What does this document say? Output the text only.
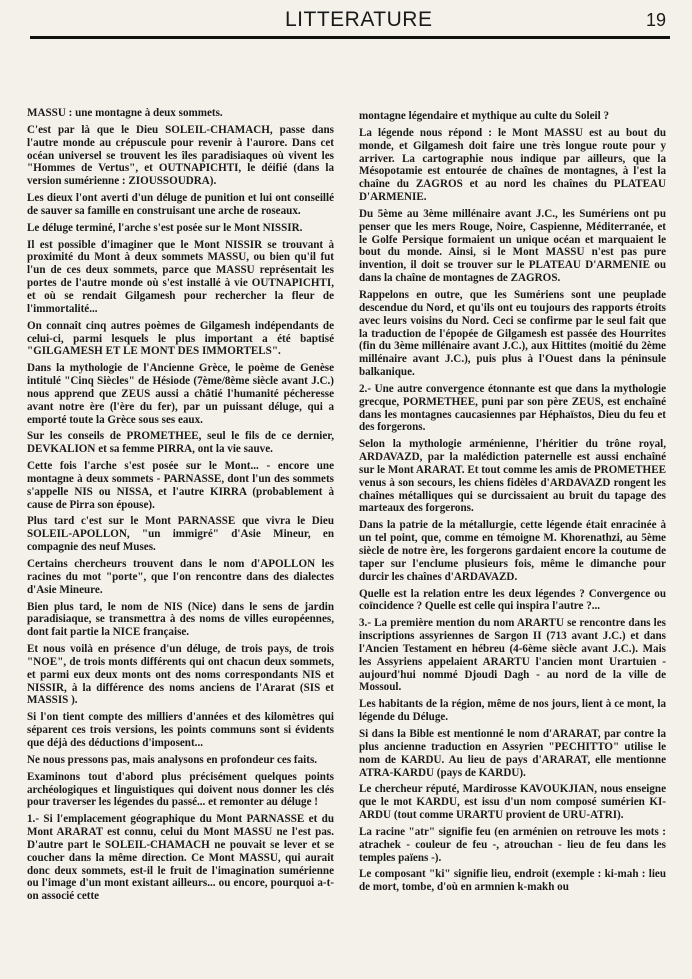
LITTERATURE	19

MASSU : une montagne à deux sommets.

C'est par là que le Dieu SOLEIL-CHAMACH, passe dans l'autre monde au crépuscule pour revenir à l'aurore. Dans cet océan universel se trouvent les îles paradisiaques où vivent les "Hommes de Vertus", et OUTNAPICHTI, le déifié (dans la version sumérienne : ZIOUSSOUDRA).

Les dieux l'ont averti d'un déluge de punition et lui ont conseillé de sauver sa famille en construisant une arche de roseaux.

Le déluge terminé, l'arche s'est posée sur le Mont NISSIR.

Il est possible d'imaginer que le Mont NISSIR se trouvant à proximité du Mont à deux sommets MASSU, ou bien qu'il fut l'un de ces deux sommets, parce que MASSU représentait les portes de l'autre monde où s'est installé à vie OUTNAPICHTI, et où se rendait Gilgamesh pour rechercher la fleur de l'immortalité...

On connaît cinq autres poèmes de Gilgamesh indépendants de celui-ci, parmi lesquels le plus important a été baptisé "GILGAMESH ET LE MONT DES IMMORTELS".

Dans la mythologie de l'Ancienne Grèce, le poème de Genèse intitulé "Cinq Siècles" de Hésiode (7ème/8ème siècle avant J.C.) nous apprend que ZEUS aussi a châtié l'humanité pécheresse avant notre ère (l'ère du fer), par un puissant déluge, qui a emporté toute la Grèce sous ses eaux.

Sur les conseils de PROMETHEE, seul le fils de ce dernier, DEVKALION et sa femme PIRRA, ont la vie sauve.

Cette fois l'arche s'est posée sur le Mont... - encore une montagne à deux sommets - PARNASSE, dont l'un des sommets s'appelle NIS ou NISSA, et l'autre KIRRA (probablement à cause de Pirra son épouse).

Plus tard c'est sur le Mont PARNASSE que vivra le Dieu SOLEIL-APOLLON, "un immigré" d'Asie Mineur, en compagnie des neuf Muses.

Certains chercheurs trouvent dans le nom d'APOLLON les racines du mot "porte", que l'on rencontre dans des dialectes d'Asie Mineure.

Bien plus tard, le nom de NIS (Nice) dans le sens de jardin paradisiaque, se transmettra à des noms de villes européennes, dont fait partie la NICE française.

Et nous voilà en présence d'un déluge, de trois pays, de trois "NOE", de trois monts différents qui ont chacun deux sommets, et parmi eux deux monts ont des noms correspondants NIS et NISSIR, à la différence des noms anciens de l'Ararat (SIS et MASSIS ).

Si l'on tient compte des milliers d'années et des kilomètres qui séparent ces trois versions, les points communs sont si évidents que déjà des déductions d'imposent...

Ne nous pressons pas, mais analysons en profondeur ces faits.

Examinons tout d'abord plus précisément quelques points archéologiques et linguistiques qui doivent nous donner les clés pour traverser les légendes du passé... et remonter au déluge !

1.- Si l'emplacement géographique du Mont PARNASSE et du Mont ARARAT est connu, celui du Mont MASSU ne l'est pas. D'autre part le SOLEIL-CHAMACH ne pouvait se lever et se coucher dans la même direction. Ce Mont MASSU, qui aurait donc deux sommets, est-il le fruit de l'imagination sumérienne ou l'image d'un mont existant ailleurs... ou encore, pourquoi a-t-on associé cette

montagne légendaire et mythique au culte du Soleil ?

La légende nous répond : le Mont MASSU est au bout du monde, et Gilgamesh doit faire une très longue route pour y arriver. La cartographie nous indique par ailleurs, que la Mésopotamie est entourée de chaînes de montagnes, à l'est la chaîne du ZAGROS et au nord les chaînes du PLATEAU D'ARMENIE.

Du 5ème au 3ème millénaire avant J.C., les Sumériens ont pu penser que les mers Rouge, Noire, Caspienne, Méditerranée, et le Golfe Persique formaient un unique océan et marquaient le bout du monde. Ainsi, si le Mont MASSU n'est pas pure invention, il doit se trouver sur le PLATEAU D'ARMENIE ou dans la chaîne de montagnes de ZAGROS.

Rappelons en outre, que les Sumériens sont une peuplade descendue du Nord, et qu'ils ont eu toujours des rapports étroits avec leurs voisins du Nord. Ceci se confirme par le seul fait que la traduction de l'épopée de Gilgamesh est passée des Hourrites (fin du 3ème millénaire avant J.C.), aux Hittites (moitié du 2ème millénaire avant J.C.), puis plus à l'Ouest dans la péninsule balkanique.

2.- Une autre convergence étonnante est que dans la mythologie grecque, PORMETHEE, puni par son père ZEUS, est enchaîné dans les montagnes caucasiennes par Héphaïstos, Dieu du feu et des forgerons.

Selon la mythologie arménienne, l'héritier du trône royal, ARDAVAZD, par la malédiction paternelle est aussi enchaîné sur le Mont ARARAT. Et tout comme les amis de PROMETHEE venus à son secours, les chiens fidèles d'ARDAVAZD rongent les chaînes métalliques qui se durcissaient au bruit du tapage des marteaux des forgerons.

Dans la patrie de la métallurgie, cette légende était enracinée à un tel point, que, comme en témoigne M. Khorenathzi, au 5ème siècle de notre ère, les forgerons gardaient encore la coutume de taper sur l'enclume plusieurs fois, même le dimanche pour durcir les chaînes d'ARDAVAZD.

Quelle est la relation entre les deux légendes ? Convergence ou coïncidence ? Quelle est celle qui inspira l'autre ?...

3.- La première mention du nom ARARTU se rencontre dans les inscriptions assyriennes de Sargon II (713 avant J.C.) et dans l'Ancien Testament en hébreu (4-6ème siècle avant J.C.). Mais les Assyriens appelaient ARARTU l'ancien mont Urartuien - aujourd'hui nommé Djoudi Dagh - au nord de la ville de Mossoul.

Les habitants de la région, même de nos jours, lient à ce mont, la légende du Déluge.

Si dans la Bible est mentionné le nom d'ARARAT, par contre la plus ancienne traduction en Assyrien "PECHITTO" utilise le nom de KARDU. Au lieu de pays d'ARARAT, elle mentionne ATRA-KARDU (pays de KARDU).

Le chercheur réputé, Mardirosse KAVOUKJIAN, nous enseigne que le mot KARDU, est issu d'un nom composé sumérien KI-ARDU (tout comme URARTU provient de URU-ATRI).

La racine "atr" signifie feu (en arménien on retrouve les mots : atrachek - couleur de feu -, atrouchan - lieu de feu dans les temples païens -).

Le composant "ki" signifie lieu, endroit (exemple : ki-mah : lieu de mort, tombe, d'où en armnien k-makh ou
